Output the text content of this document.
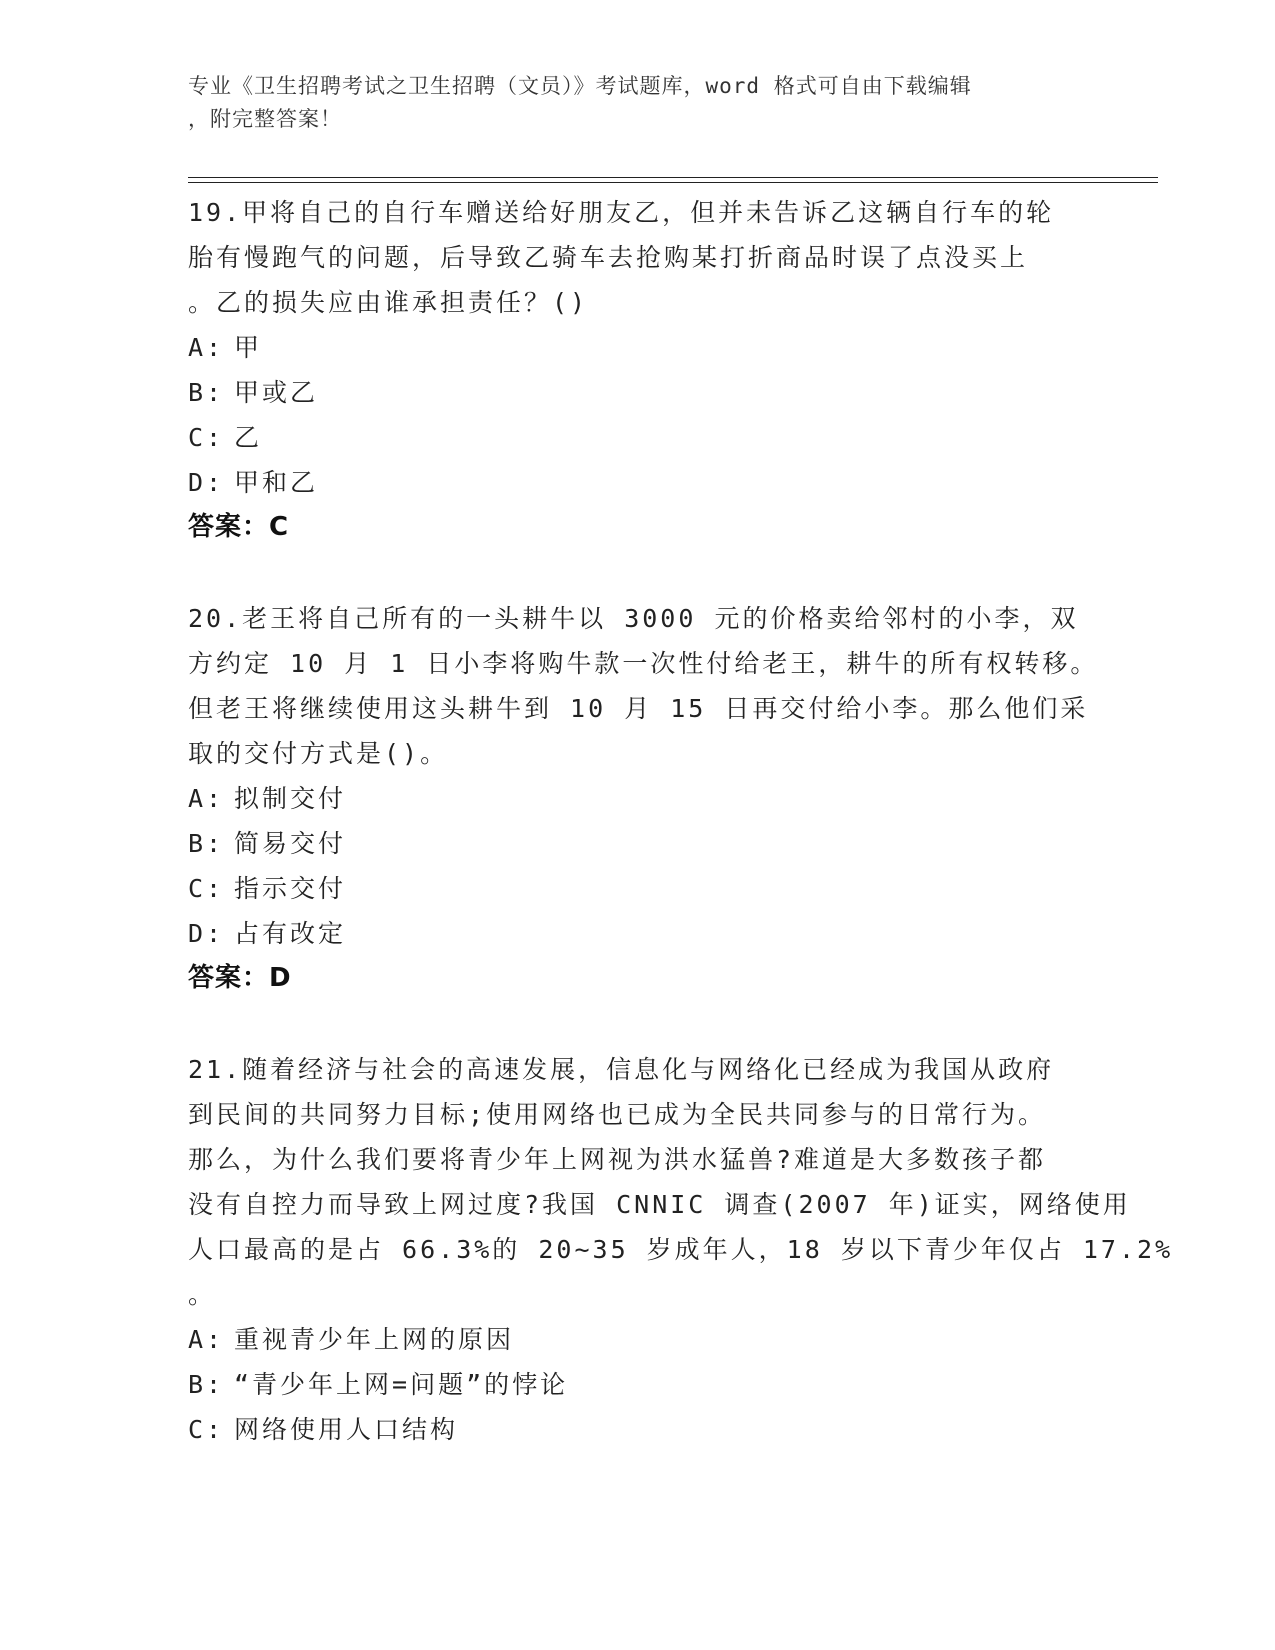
专业《卫生招聘考试之卫生招聘（文员）》考试题库，word 格式可自由下载编辑
，附完整答案！
19.甲将自己的自行车赠送给好朋友乙，但并未告诉乙这辆自行车的轮
胎有慢跑气的问题，后导致乙骑车去抢购某打折商品时误了点没买上
。乙的损失应由谁承担责任？()
A: 甲
B: 甲或乙
C: 乙
D: 甲和乙
答案：C
20.老王将自己所有的一头耕牛以 3000 元的价格卖给邻村的小李，双
方约定 10 月 1 日小李将购牛款一次性付给老王，耕牛的所有权转移。
但老王将继续使用这头耕牛到 10 月 15 日再交付给小李。那么他们采
取的交付方式是()。
A: 拟制交付
B: 简易交付
C: 指示交付
D: 占有改定
答案：D
21.随着经济与社会的高速发展，信息化与网络化已经成为我国从政府
到民间的共同努力目标;使用网络也已成为全民共同参与的日常行为。
那么，为什么我们要将青少年上网视为洪水猛兽?难道是大多数孩子都
没有自控力而导致上网过度?我国 CNNIC 调查(2007 年)证实，网络使用
人口最高的是占 66.3%的 20~35 岁成年人，18 岁以下青少年仅占 17.2%
。
A: 重视青少年上网的原因
B: “青少年上网=问题”的悖论
C: 网络使用人口结构
